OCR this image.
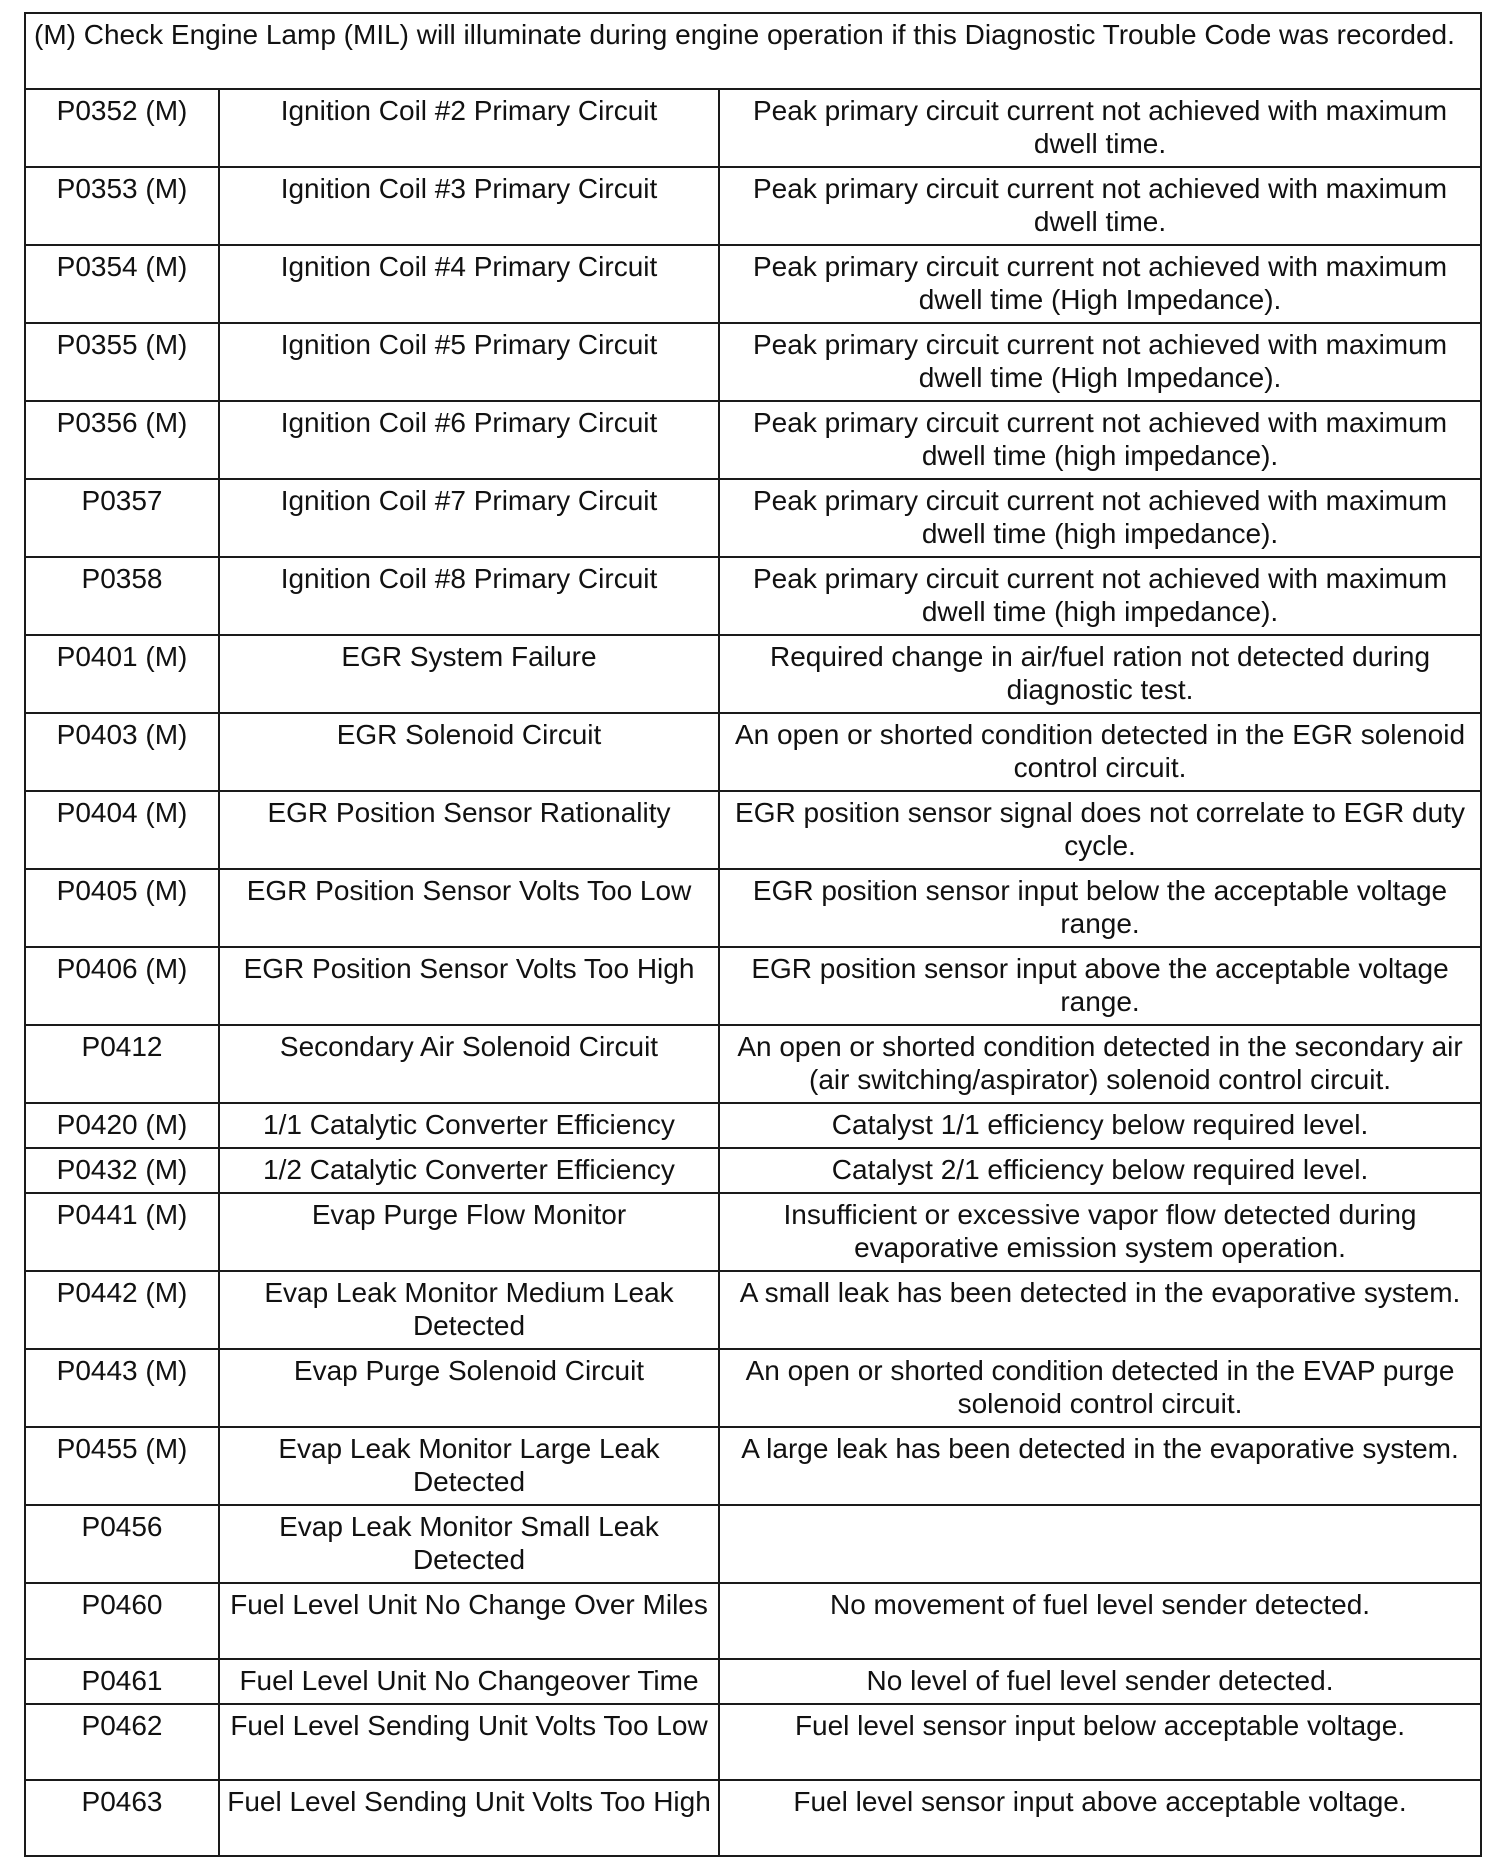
(M) Check Engine Lamp (MIL) will illuminate during engine operation if this Diagnostic Trouble Code was recorded.		
P0352 (M)	Ignition Coil #2 Primary Circuit	Peak primary circuit current not achieved with maximum dwell time.
P0353 (M)	Ignition Coil #3 Primary Circuit	Peak primary circuit current not achieved with maximum dwell time.
P0354 (M)	Ignition Coil #4 Primary Circuit	Peak primary circuit current not achieved with maximum dwell time (High Impedance).
P0355 (M)	Ignition Coil #5 Primary Circuit	Peak primary circuit current not achieved with maximum dwell time (High Impedance).
P0356 (M)	Ignition Coil #6 Primary Circuit	Peak primary circuit current not achieved with maximum dwell time (high impedance).
P0357	Ignition Coil #7 Primary Circuit	Peak primary circuit current not achieved with maximum dwell time (high impedance).
P0358	Ignition Coil #8 Primary Circuit	Peak primary circuit current not achieved with maximum dwell time (high impedance).
P0401 (M)	EGR System Failure	Required change in air/fuel ration not detected during diagnostic test.
P0403 (M)	EGR Solenoid Circuit	An open or shorted condition detected in the EGR solenoid control circuit.
P0404 (M)	EGR Position Sensor Rationality	EGR position sensor signal does not correlate to EGR duty cycle.
P0405 (M)	EGR Position Sensor Volts Too Low	EGR position sensor input below the acceptable voltage range.
P0406 (M)	EGR Position Sensor Volts Too High	EGR position sensor input above the acceptable voltage range.
P0412	Secondary Air Solenoid Circuit	An open or shorted condition detected in the secondary air (air switching/aspirator) solenoid control circuit.
P0420 (M)	1/1 Catalytic Converter Efficiency	Catalyst 1/1 efficiency below required level.
P0432 (M)	1/2 Catalytic Converter Efficiency	Catalyst 2/1 efficiency below required level.
P0441 (M)	Evap Purge Flow Monitor	Insufficient or excessive vapor flow detected during evaporative emission system operation.
P0442 (M)	Evap Leak Monitor Medium Leak Detected	A small leak has been detected in the evaporative system.
P0443 (M)	Evap Purge Solenoid Circuit	An open or shorted condition detected in the EVAP purge solenoid control circuit.
P0455 (M)	Evap Leak Monitor Large Leak Detected	A large leak has been detected in the evaporative system.
P0456	Evap Leak Monitor Small Leak Detected	
P0460	Fuel Level Unit No Change Over Miles	No movement of fuel level sender detected.
P0461	Fuel Level Unit No Changeover Time	No level of fuel level sender detected.
P0462	Fuel Level Sending Unit Volts Too Low	Fuel level sensor input below acceptable voltage.
P0463	Fuel Level Sending Unit Volts Too High	Fuel level sensor input above acceptable voltage.
